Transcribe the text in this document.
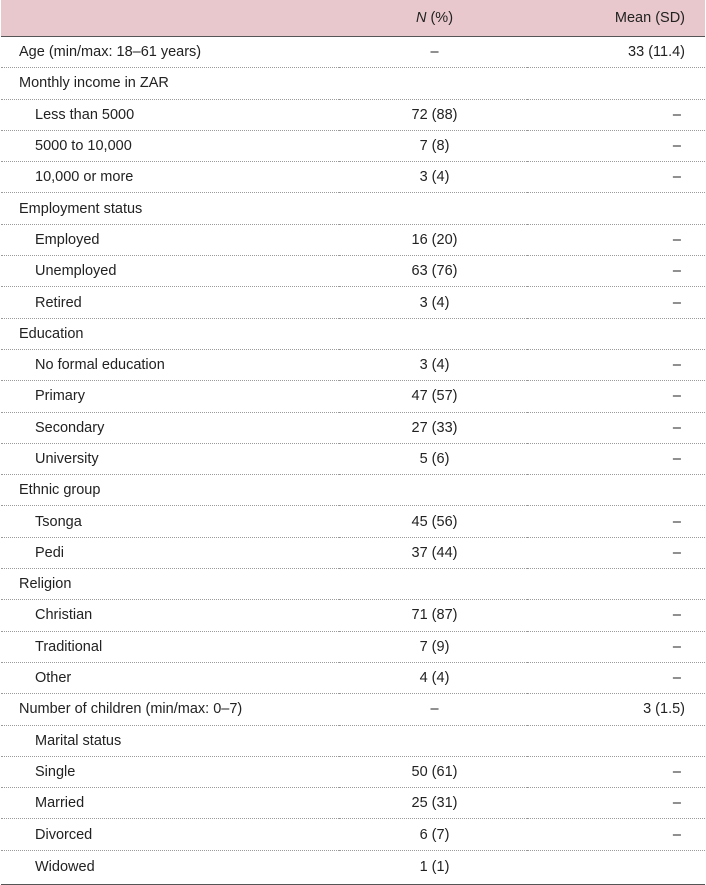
	N (%)	Mean (SD)
Age (min/max: 18–61 years)	–	33 (11.4)
Monthly income in ZAR		
Less than 5000	72 (88)	–
5000 to 10,000	7 (8)	–
10,000 or more	3 (4)	–
Employment status		
Employed	16 (20)	–
Unemployed	63 (76)	–
Retired	3 (4)	–
Education		
No formal education	3 (4)	–
Primary	47 (57)	–
Secondary	27 (33)	–
University	5 (6)	–
Ethnic group		
Tsonga	45 (56)	–
Pedi	37 (44)	–
Religion		
Christian	71 (87)	–
Traditional	7 (9)	–
Other	4 (4)	–
Number of children (min/max: 0–7)	–	3 (1.5)
Marital status		
Single	50 (61)	–
Married	25 (31)	–
Divorced	6 (7)	–
Widowed	1 (1)	
